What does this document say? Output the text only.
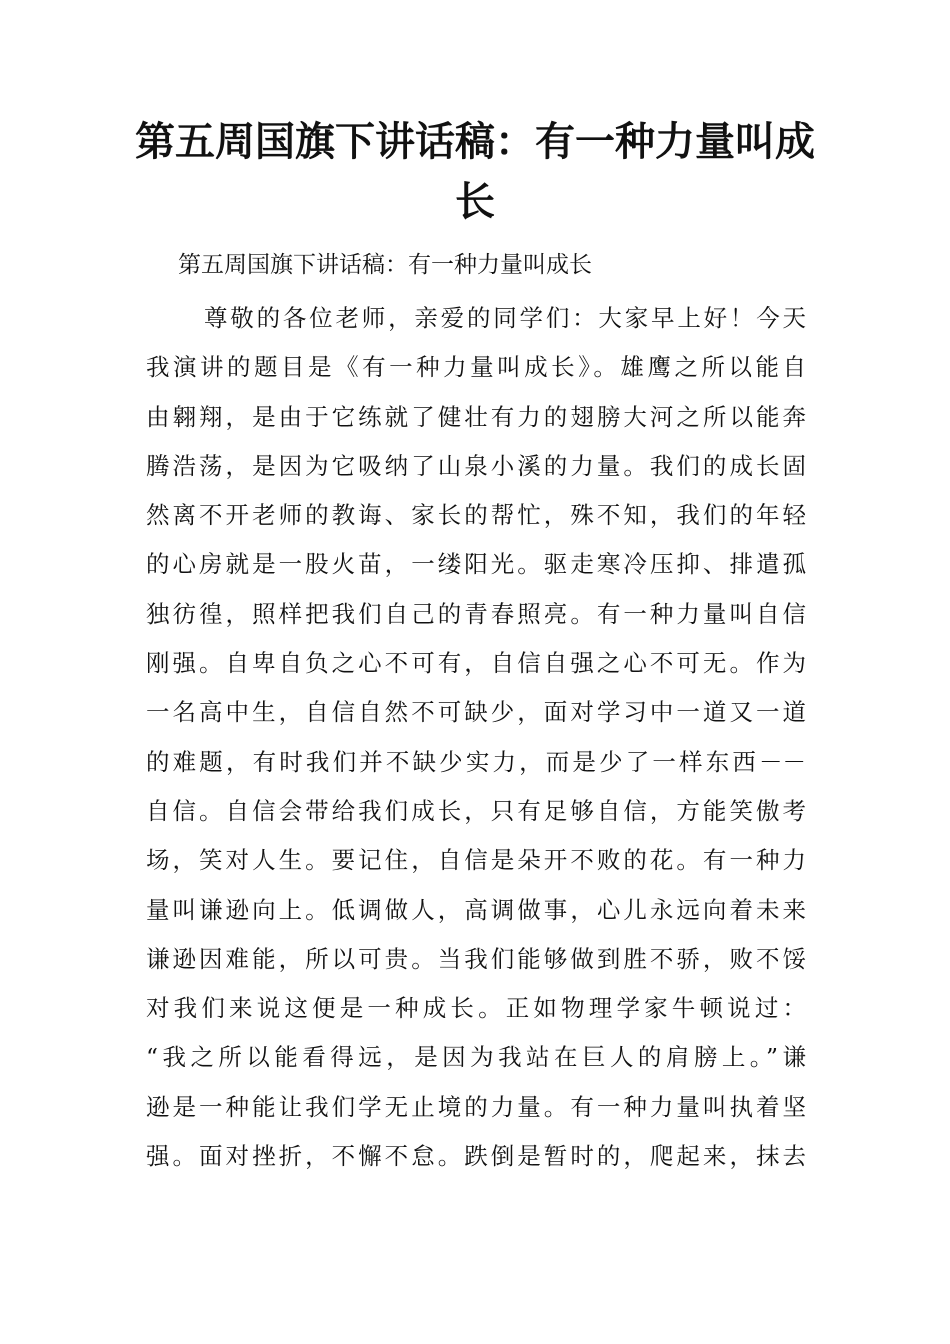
第五周国旗下讲话稿：有一种力量叫成长

第五周国旗下讲话稿：有一种力量叫成长

尊敬的各位老师，亲爱的同学们：大家早上好！今天
我演讲的题目是《有一种力量叫成长》。雄鹰之所以能自
由翱翔，是由于它练就了健壮有力的翅膀大河之所以能奔
腾浩荡，是因为它吸纳了山泉小溪的力量。我们的成长固
然离不开老师的教诲、家长的帮忙，殊不知，我们的年轻
的心房就是一股火苗，一缕阳光。驱走寒冷压抑、排遣孤
独彷徨，照样把我们自己的青春照亮。有一种力量叫自信
刚强。自卑自负之心不可有，自信自强之心不可无。作为
一名高中生，自信自然不可缺少，面对学习中一道又一道
的难题，有时我们并不缺少实力，而是少了一样东西－－
自信。自信会带给我们成长，只有足够自信，方能笑傲考
场，笑对人生。要记住，自信是朵开不败的花。有一种力
量叫谦逊向上。低调做人，高调做事，心儿永远向着未来
谦逊因难能，所以可贵。当我们能够做到胜不骄，败不馁
对我们来说这便是一种成长。正如物理学家牛顿说过：
“我之所以能看得远，是因为我站在巨人的肩膀上。”谦
逊是一种能让我们学无止境的力量。有一种力量叫执着坚
强。面对挫折，不懈不怠。跌倒是暂时的，爬起来，抹去
